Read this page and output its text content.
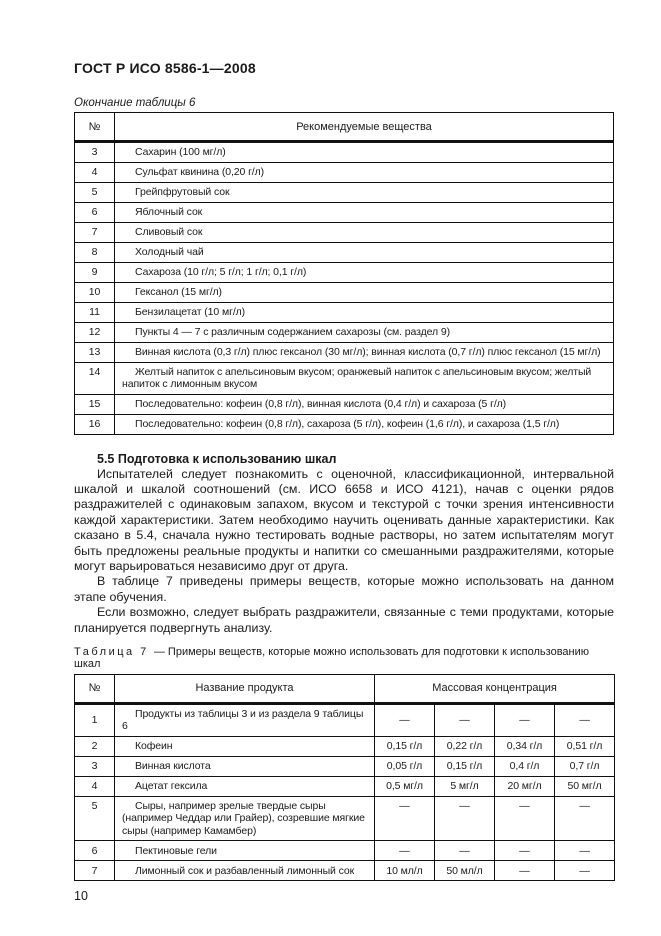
ГОСТ Р ИСО 8586-1—2008
Окончание таблицы 6
№	Рекомендуемые вещества
3	Сахарин (100 мг/л)
4	Сульфат квинина (0,20 г/л)
5	Грейпфрутовый сок
6	Яблочный сок
7	Сливовый сок
8	Холодный чай
9	Сахароза (10 г/л; 5 г/л; 1 г/л; 0,1 г/л)
10	Гексанол (15 мг/л)
11	Бензилацетат (10 мг/л)
12	Пункты 4 — 7 с различным содержанием сахарозы (см. раздел 9)
13	Винная кислота (0,3 г/л) плюс гексанол (30 мг/л); винная кислота (0,7 г/л) плюс гексанол (15 мг/л)
14	Желтый напиток с апельсиновым вкусом; оранжевый напиток с апельсиновым вкусом; желтый напиток с лимонным вкусом
15	Последовательно: кофеин (0,8 г/л), винная кислота (0,4 г/л) и сахароза (5 г/л)
16	Последовательно: кофеин (0,8 г/л), сахароза (5 г/л), кофеин (1,6 г/л), и сахароза (1,5 г/л)
5.5 Подготовка к использованию шкал

Испытателей следует познакомить с оценочной, классификационной, интервальной шкалой и шкалой соотношений (см. ИСО 6658 и ИСО 4121), начав с оценки рядов раздражителей с одинаковым запахом, вкусом и текстурой с точки зрения интенсивности каждой характеристики. Затем необходимо научить оценивать данные характеристики. Как сказано в 5.4, сначала нужно тестировать водные растворы, но затем испытателям могут быть предложены реальные продукты и напитки со смешанными раздражителями, которые могут варьироваться независимо друг от друга.

В таблице 7 приведены примеры веществ, которые можно использовать на данном этапе обучения.

Если возможно, следует выбрать раздражители, связанные с теми продуктами, которые планируется подвергнуть анализу.

Таблица 7 — Примеры веществ, которые можно использовать для подготовки к использованию шкал
№	Название продукта	Массовая концентрация			
1	Продукты из таблицы 3 и из раздела 9 таблицы 6	—	—	—	—
2	Кофеин	0,15 г/л	0,22 г/л	0,34 г/л	0,51 г/л
3	Винная кислота	0,05 г/л	0,15 г/л	0,4 г/л	0,7 г/л
4	Ацетат гексила	0,5 мг/л	5 мг/л	20 мг/л	50 мг/л
5	Сыры, например зрелые твердые сыры (например Чеддар или Грайер), созревшие мягкие сыры (например Камамбер)	—	—	—	—
6	Пектиновые гели	—	—	—	—
7	Лимонный сок и разбавленный лимонный сок	10 мл/л	50 мл/л	—	—
10
